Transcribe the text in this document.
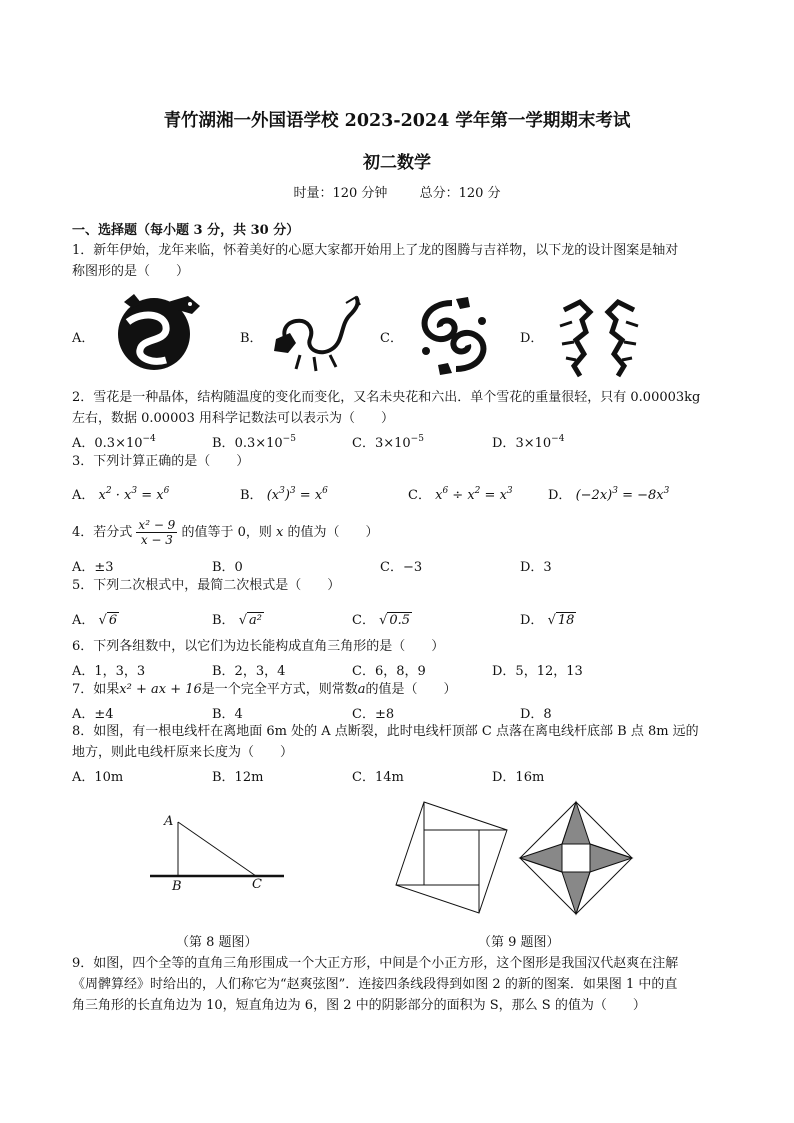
青竹湖湘一外国语学校 2023-2024 学年第一学期期末考试
初二数学
时量：120 分钟 总分：120 分
一、选择题（每小题 3 分，共 30 分）
1．新年伊始，龙年来临，怀着美好的心愿大家都开始用上了龙的图腾与吉祥物，以下龙的设计图案是轴对
称图形的是（　　）
A．	B．	C．	D．
2．雪花是一种晶体，结构随温度的变化而变化，又名未央花和六出．单个雪花的重量很轻，只有 0.00003kg
左右，数据 0.00003 用科学记数法可以表示为（　　）
A．$0.3\times 10^{-4}$	B．$0.3\times 10^{-5}$	C．$3\times 10^{-5}$	D．$3\times 10^{-4}$
3．下列计算正确的是（　　）
A． $x^2 \cdot x^3 = x^6$	B． $(x^3)^3 = x^6$	C． $x^6 \div x^2 = x^3$	D． $(-2x)^3 = -8x^3$
4．若分式 $\frac{\text{x² − 9}}{x - 3}$ 的值等于 0，则 x 的值为（　　）
A．±3	B．0	C．−3	D．3
5．下列二次根式中，最简二次根式是（　　）
A． √ 6	B． √ a²	C． √ 0.5	D． √ 18
6．下列各组数中，以它们为边长能构成直角三角形的是（　　）
A．1，3，3	B．2，3，4	C．6，8，9	D．5，12，13
7．如果x² + ax + 16是一个完全平方式，则常数a的值是（　　）
A．±4	B．4	C．±8	D．8
8．如图，有一根电线杆在离地面 6m 处的 A 点断裂，此时电线杆顶部 C 点落在离电线杆底部 B 点 8m 远的
地方，则此电线杆原来长度为（　　）
A．10m	B．12m	C．14m	D．16m
A
B	C
（第 8 题图）	（第 9 题图）
9．如图，四个全等的直角三角形围成一个大正方形，中间是个小正方形，这个图形是我国汉代赵爽在注解
《周髀算经》时给出的，人们称它为“赵爽弦图”．连接四条线段得到如图 2 的新的图案．如果图 1 中的直
角三角形的长直角边为 10，短直角边为 6，图 2 中的阴影部分的面积为 S，那么 S 的值为（　　）
